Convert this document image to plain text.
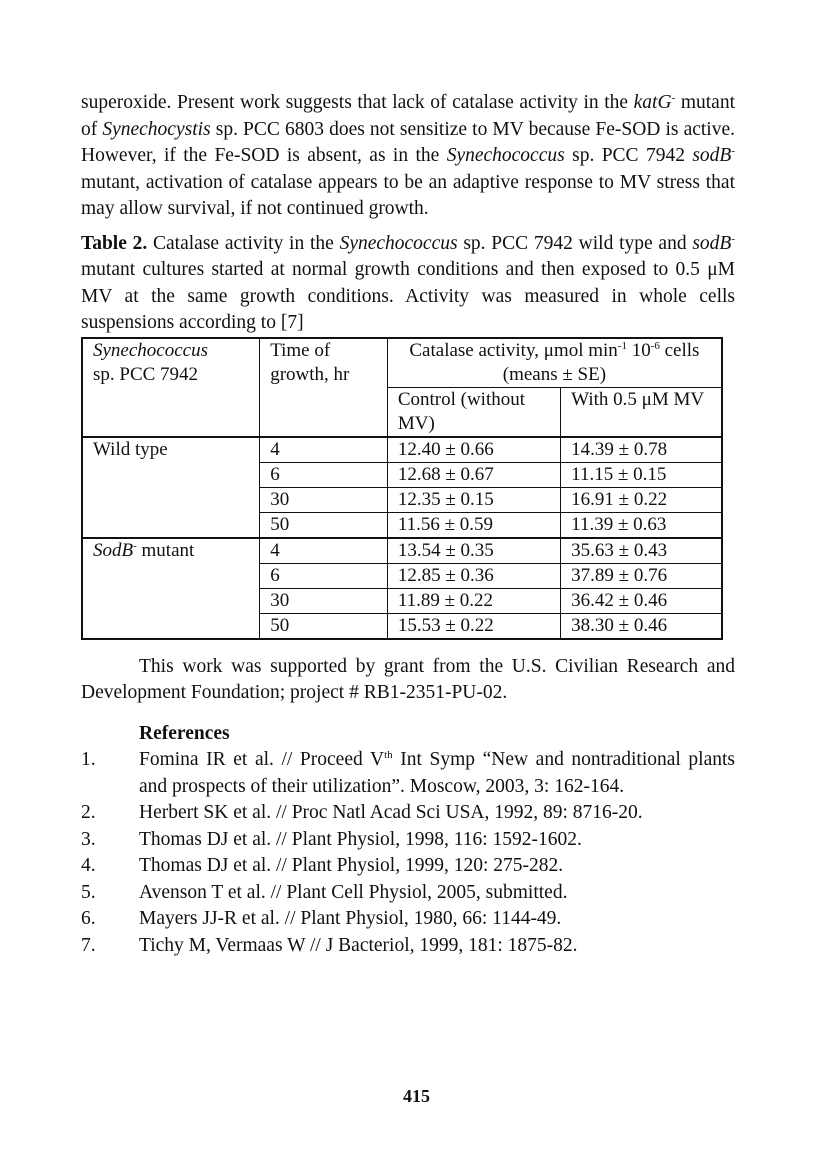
superoxide. Present work suggests that lack of catalase activity in the katG- mutant of Synechocystis sp. PCC 6803 does not sensitize to MV because Fe-SOD is active. However, if the Fe-SOD is absent, as in the Synechococcus sp. PCC 7942 sodB- mutant, activation of catalase appears to be an adaptive response to MV stress that may allow survival, if not continued growth.

Table 2. Catalase activity in the Synechococcus sp. PCC 7942 wild type and sodB- mutant cultures started at normal growth conditions and then exposed to 0.5 μM MV at the same growth conditions. Activity was measured in whole cells suspensions according to [7]

Synechococcus
sp. PCC 7942	Time of growth, hr	Catalase activity, μmol $\min^{-1} 10^{-6}$ cells (means ± SE)	
		Control (without MV)	With 0.5 μM MV
Wild type	4	12.40 ± 0.66	14.39 ± 0.78
	6	12.68 ± 0.67	11.15 ± 0.15
	30	12.35 ± 0.15	16.91 ± 0.22
	50	11.56 ± 0.59	11.39 ± 0.63
SodB- mutant	4	13.54 ± 0.35	35.63 ± 0.43
	6	12.85 ± 0.36	37.89 ± 0.76
	30	11.89 ± 0.22	36.42 ± 0.46
	50	15.53 ± 0.22	38.30 ± 0.46

This work was supported by grant from the U.S. Civilian Research and Development Foundation; project # RB1-2351-PU-02.

References

1.	Fomina IR et al. // Proceed Vth Int Symp “New and nontraditional plants and prospects of their utilization”. Moscow, 2003, 3: 162-164.
2.	Herbert SK et al. // Proc Natl Acad Sci USA, 1992, 89: 8716-20.
3.	Thomas DJ et al. // Plant Physiol, 1998, 116: 1592-1602.
4.	Thomas DJ et al. // Plant Physiol, 1999, 120: 275-282.
5.	Avenson T et al. // Plant Cell Physiol, 2005, submitted.
6.	Mayers JJ-R et al. // Plant Physiol, 1980, 66: 1144-49.
7.	Tichy M, Vermaas W // J Bacteriol, 1999, 181: 1875-82.
415
